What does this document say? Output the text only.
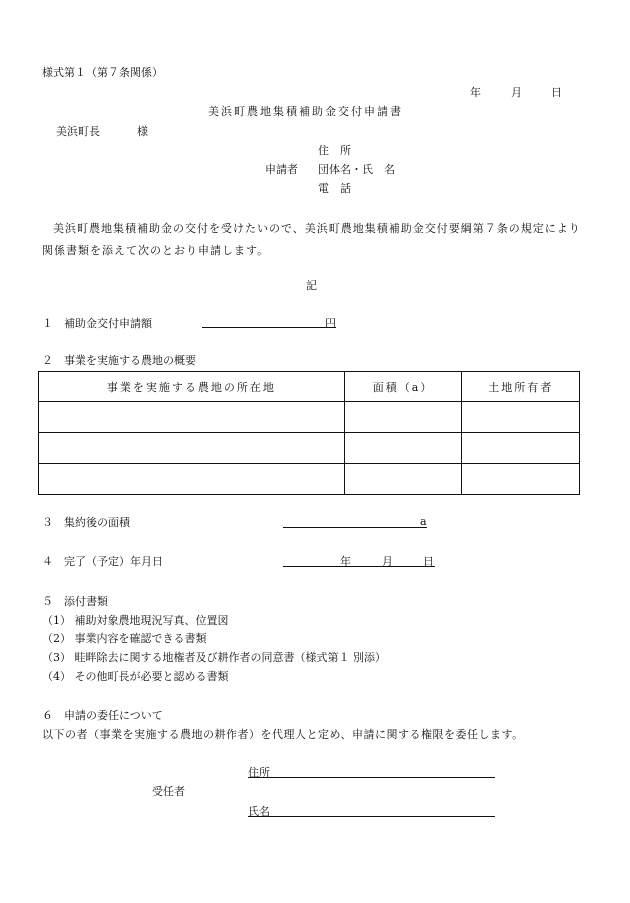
様式第１（第７条関係）
年	月	日
美浜町農地集積補助金交付申請書
美浜町長	様
住　所
申請者 団体名・氏　名
電　話

美浜町農地集積補助金の交付を受けたいので、美浜町農地集積補助金交付要綱第７条の規定により関係書類を添えて次のとおり申請します。

記
１　補助金交付申請額	円
２　事業を実施する農地の概要
事業を実施する農地の所在地	面積（a）	土地所有者

３　集約後の面積	a
４　完了（予定）年月日	年	月	日
５　添付書類
（1） 補助対象農地現況写真、位置図
（2） 事業内容を確認できる書類
（3） 畦畔除去に関する地権者及び耕作者の同意書（様式第１ 別添）
（4） その他町長が必要と認める書類
６　申請の委任について
以下の者（事業を実施する農地の耕作者）を代理人と定め、申請に関する権限を委任します。
住所
受任者
氏名
